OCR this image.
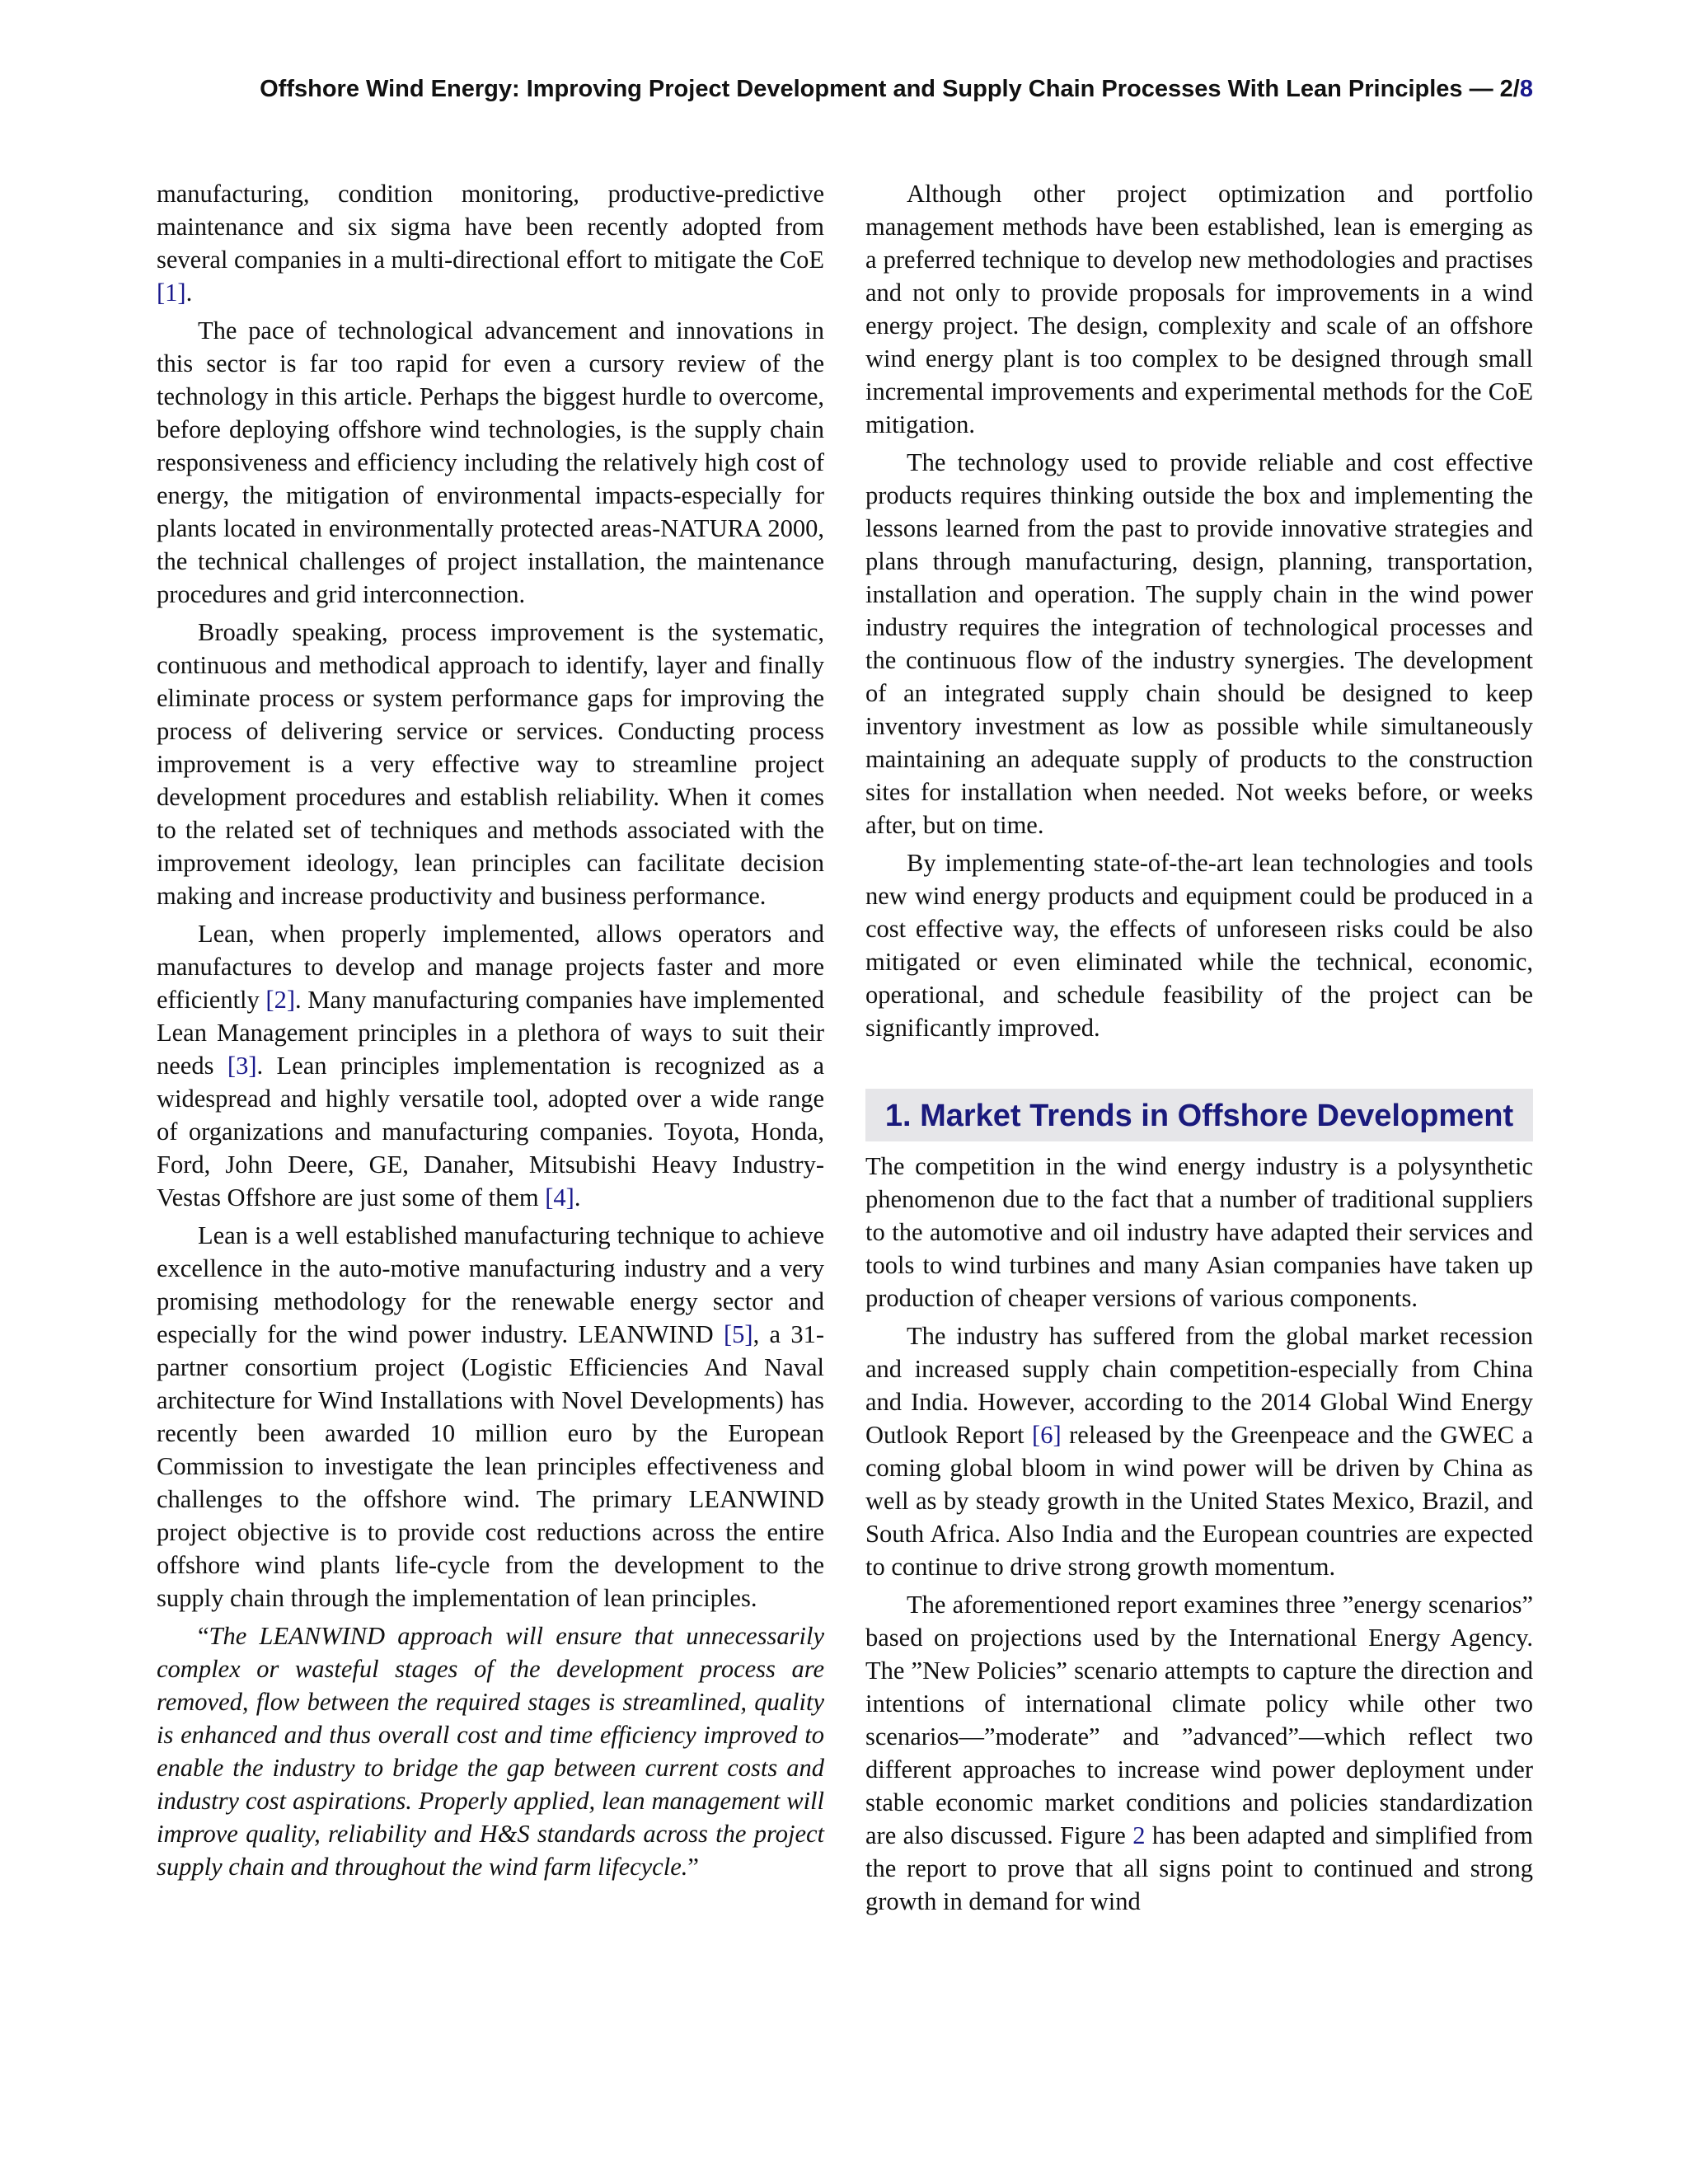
Offshore Wind Energy: Improving Project Development and Supply Chain Processes With Lean Principles — 2/8

manufacturing, condition monitoring, productive-predictive maintenance and six sigma have been recently adopted from several companies in a multi-directional effort to mitigate the CoE [1].

The pace of technological advancement and innovations in this sector is far too rapid for even a cursory review of the technology in this article. Perhaps the biggest hurdle to overcome, before deploying offshore wind technologies, is the supply chain responsiveness and efficiency including the relatively high cost of energy, the mitigation of environmental impacts-especially for plants located in environmentally protected areas-NATURA 2000, the technical challenges of project installation, the maintenance procedures and grid interconnection.

Broadly speaking, process improvement is the systematic, continuous and methodical approach to identify, layer and finally eliminate process or system performance gaps for improving the process of delivering service or services. Conducting process improvement is a very effective way to streamline project development procedures and establish reliability. When it comes to the related set of techniques and methods associated with the improvement ideology, lean principles can facilitate decision making and increase productivity and business performance.

Lean, when properly implemented, allows operators and manufactures to develop and manage projects faster and more efficiently [2]. Many manufacturing companies have implemented Lean Management principles in a plethora of ways to suit their needs [3]. Lean principles implementation is recognized as a widespread and highly versatile tool, adopted over a wide range of organizations and manufacturing companies. Toyota, Honda, Ford, John Deere, GE, Danaher, Mitsubishi Heavy Industry-Vestas Offshore are just some of them [4].

Lean is a well established manufacturing technique to achieve excellence in the auto-motive manufacturing industry and a very promising methodology for the renewable energy sector and especially for the wind power industry. LEANWIND [5], a 31-partner consortium project (Logistic Efficiencies And Naval architecture for Wind Installations with Novel Developments) has recently been awarded 10 million euro by the European Commission to investigate the lean principles effectiveness and challenges to the offshore wind. The primary LEANWIND project objective is to provide cost reductions across the entire offshore wind plants life-cycle from the development to the supply chain through the implementation of lean principles.

“The LEANWIND approach will ensure that unnecessarily complex or wasteful stages of the development process are removed, flow between the required stages is streamlined, quality is enhanced and thus overall cost and time efficiency improved to enable the industry to bridge the gap between current costs and industry cost aspirations. Properly applied, lean management will improve quality, reliability and H&S standards across the project supply chain and throughout the wind farm lifecycle.”

Although other project optimization and portfolio management methods have been established, lean is emerging as a preferred technique to develop new methodologies and practises and not only to provide proposals for improvements in a wind energy project. The design, complexity and scale of an offshore wind energy plant is too complex to be designed through small incremental improvements and experimental methods for the CoE mitigation.

The technology used to provide reliable and cost effective products requires thinking outside the box and implementing the lessons learned from the past to provide innovative strategies and plans through manufacturing, design, planning, transportation, installation and operation. The supply chain in the wind power industry requires the integration of technological processes and the continuous flow of the industry synergies. The development of an integrated supply chain should be designed to keep inventory investment as low as possible while simultaneously maintaining an adequate supply of products to the construction sites for installation when needed. Not weeks before, or weeks after, but on time.

By implementing state-of-the-art lean technologies and tools new wind energy products and equipment could be produced in a cost effective way, the effects of unforeseen risks could be also mitigated or even eliminated while the technical, economic, operational, and schedule feasibility of the project can be significantly improved.

1. Market Trends in Offshore Development

The competition in the wind energy industry is a polysynthetic phenomenon due to the fact that a number of traditional suppliers to the automotive and oil industry have adapted their services and tools to wind turbines and many Asian companies have taken up production of cheaper versions of various components.

The industry has suffered from the global market recession and increased supply chain competition-especially from China and India. However, according to the 2014 Global Wind Energy Outlook Report [6] released by the Greenpeace and the GWEC a coming global bloom in wind power will be driven by China as well as by steady growth in the United States Mexico, Brazil, and South Africa. Also India and the European countries are expected to continue to drive strong growth momentum.

The aforementioned report examines three ”energy scenarios” based on projections used by the International Energy Agency. The ”New Policies” scenario attempts to capture the direction and intentions of international climate policy while other two scenarios—”moderate” and ”advanced”—which reflect two different approaches to increase wind power deployment under stable economic market conditions and policies standardization are also discussed. Figure 2 has been adapted and simplified from the report to prove that all signs point to continued and strong growth in demand for wind
